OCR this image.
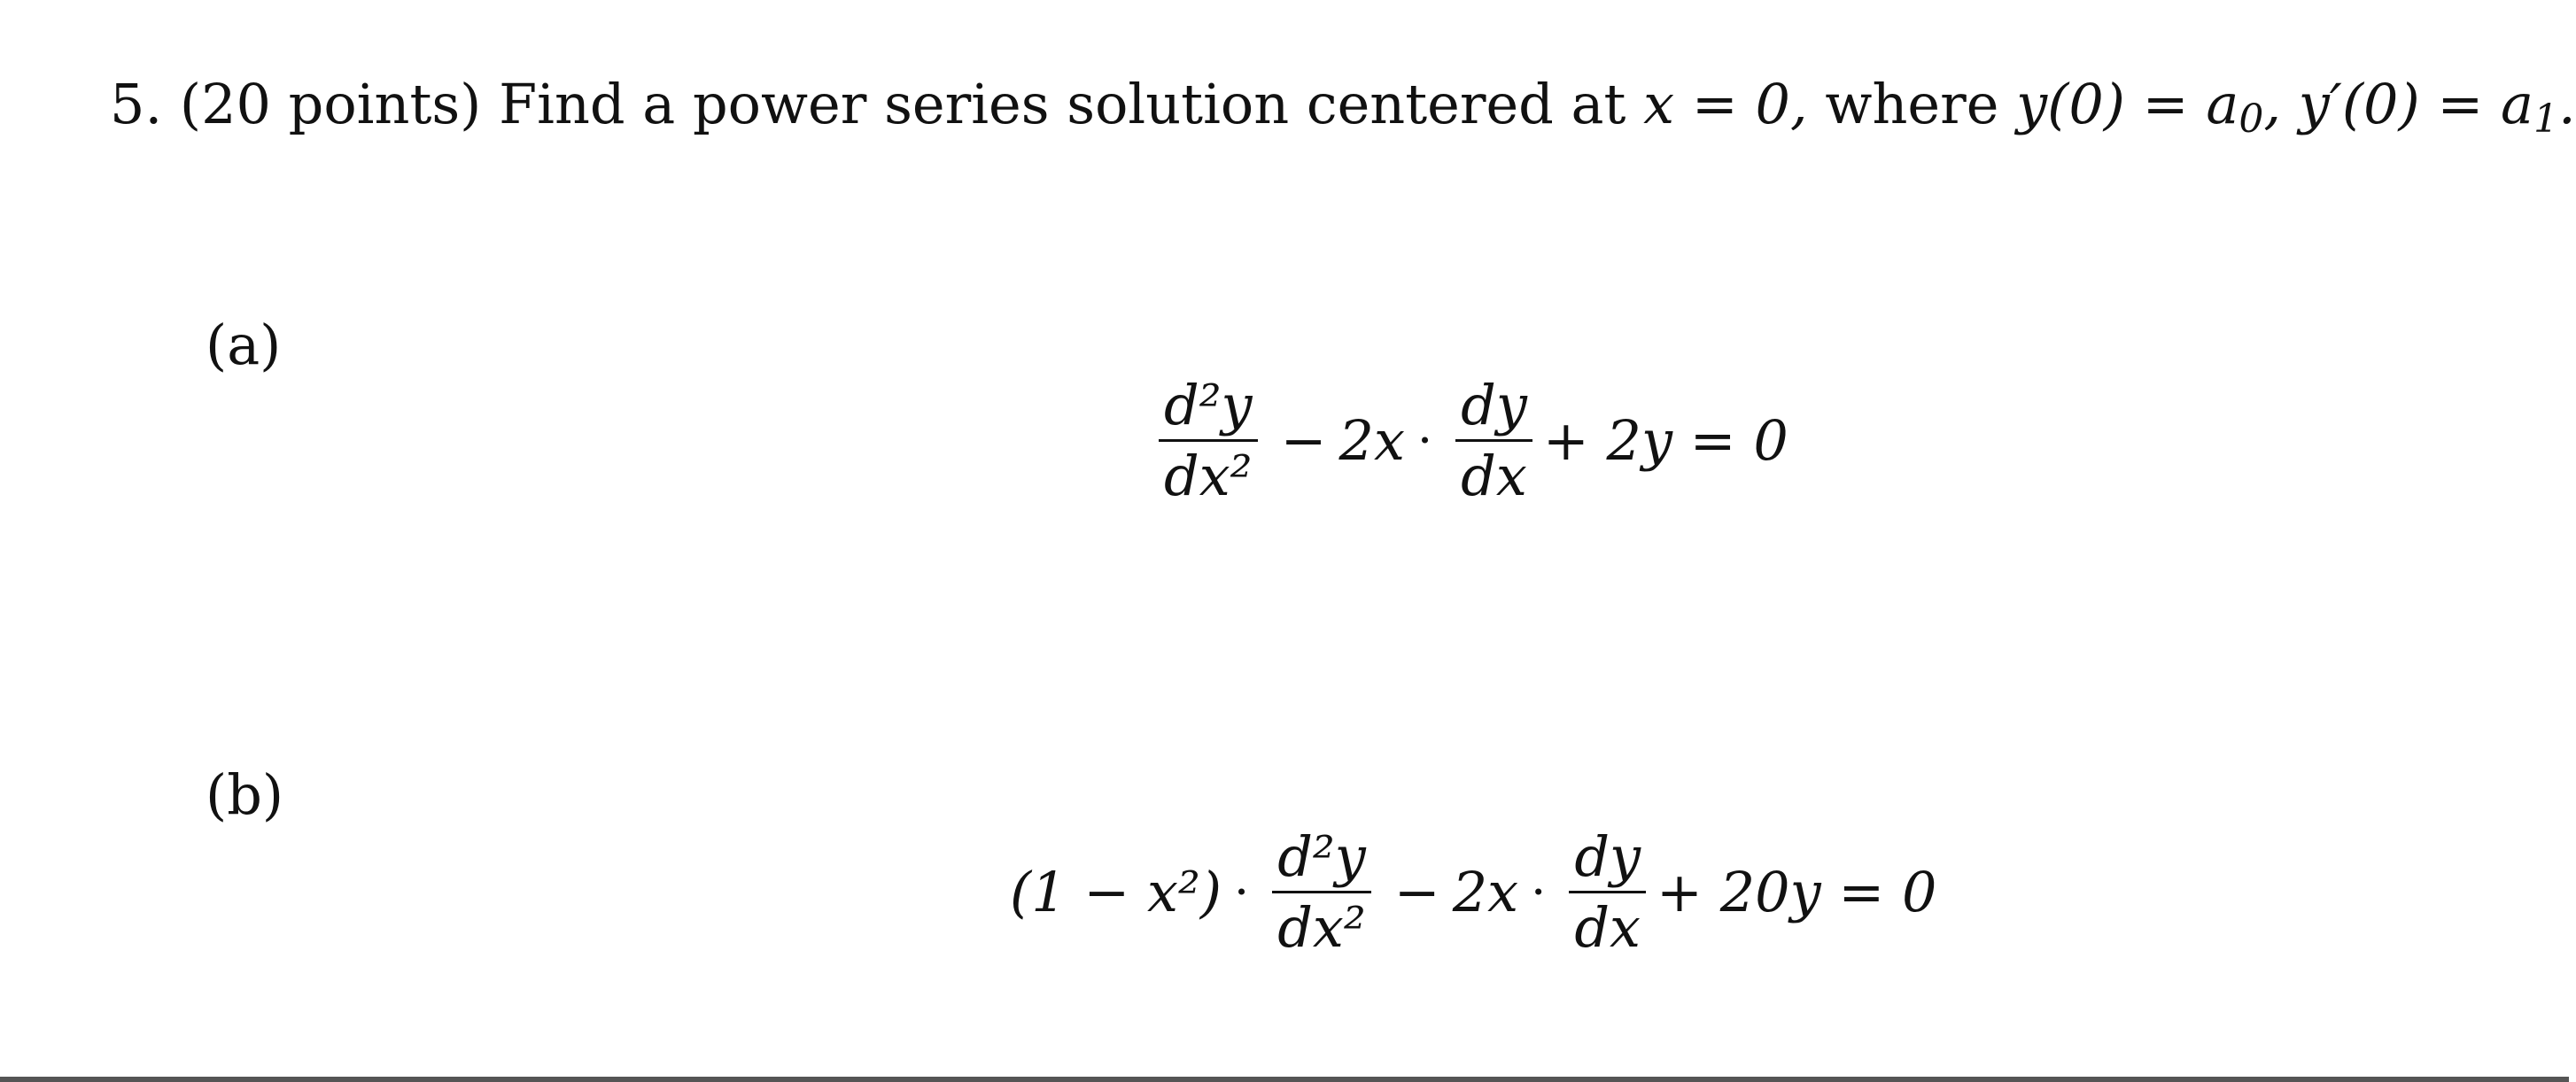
5. (20 points) Find a power series solution centered at x = 0, where $y(0) = a_0$, $y'(0) = a_1$.
(a)
$\frac{\text{d²y}}{\text{dx²}} - 2x \cdot \frac{dy}{dx} + 2y = 0$
(b)
$(1 - x^2) \cdot \frac{\text{d²y}}{\text{dx²}} - 2x \cdot \frac{dy}{dx} + 20y = 0$
